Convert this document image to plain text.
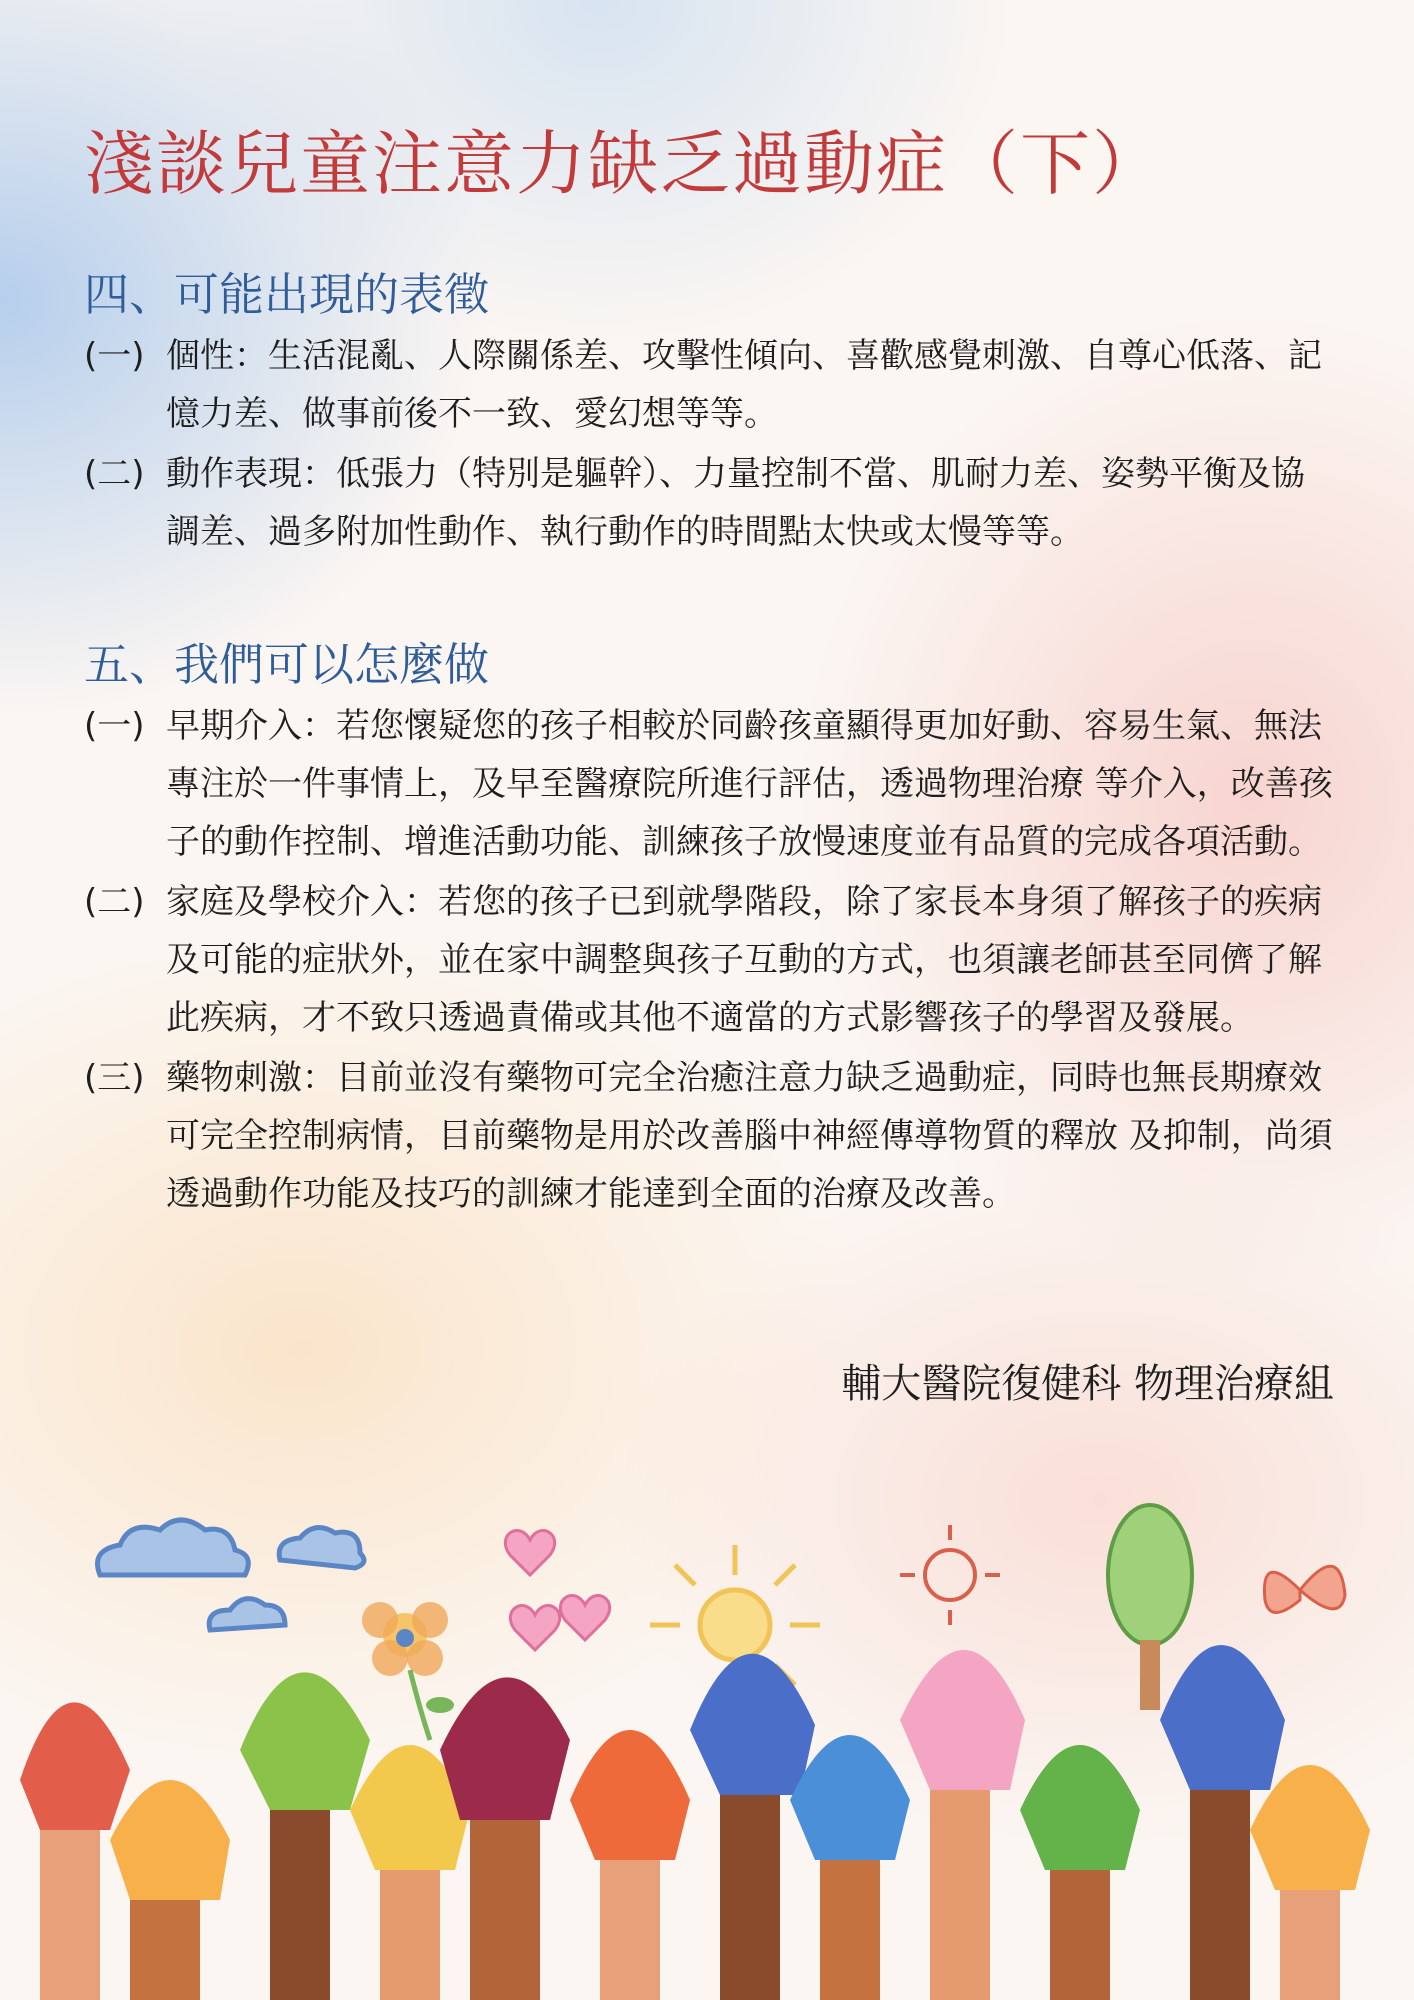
淺談兒童注意力缺乏過動症（下）
四、可能出現的表徵
(一) 個性：生活混亂、人際關係差、攻擊性傾向、喜歡感覺刺激、自尊心低落、記
憶力差、做事前後不一致、愛幻想等等。
(二) 動作表現：低張力（特別是軀幹）、力量控制不當、肌耐力差、姿勢平衡及協
調差、過多附加性動作、執行動作的時間點太快或太慢等等。
五、我們可以怎麼做
(一) 早期介入：若您懷疑您的孩子相較於同齡孩童顯得更加好動、容易生氣、無法
專注於一件事情上，及早至醫療院所進行評估，透過物理治療 等介入，改善孩
子的動作控制、增進活動功能、訓練孩子放慢速度並有品質的完成各項活動。
(二) 家庭及學校介入：若您的孩子已到就學階段，除了家長本身須了解孩子的疾病
及可能的症狀外，並在家中調整與孩子互動的方式，也須讓老師甚至同儕了解
此疾病，才不致只透過責備或其他不適當的方式影響孩子的學習及發展。
(三) 藥物刺激：目前並沒有藥物可完全治癒注意力缺乏過動症，同時也無長期療效
可完全控制病情，目前藥物是用於改善腦中神經傳導物質的釋放 及抑制，尚須
透過動作功能及技巧的訓練才能達到全面的治療及改善。
輔大醫院復健科 物理治療組
